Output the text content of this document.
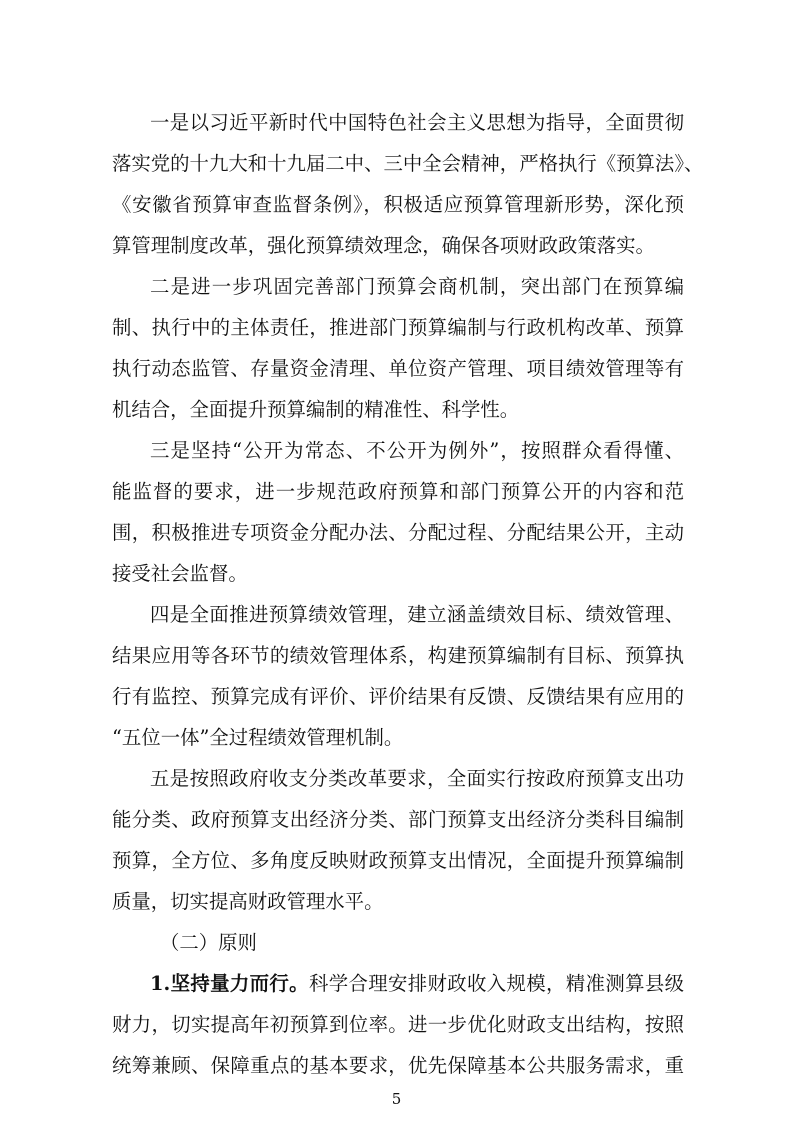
一是以习近平新时代中国特色社会主义思想为指导，全面贯彻
落实党的十九大和十九届二中、三中全会精神，严格执行《预算法》、
《安徽省预算审查监督条例》，积极适应预算管理新形势，深化预
算管理制度改革，强化预算绩效理念，确保各项财政政策落实。
二是进一步巩固完善部门预算会商机制，突出部门在预算编
制、执行中的主体责任，推进部门预算编制与行政机构改革、预算
执行动态监管、存量资金清理、单位资产管理、项目绩效管理等有
机结合，全面提升预算编制的精准性、科学性。
三是坚持“公开为常态、不公开为例外”，按照群众看得懂、
能监督的要求，进一步规范政府预算和部门预算公开的内容和范
围，积极推进专项资金分配办法、分配过程、分配结果公开，主动
接受社会监督。
四是全面推进预算绩效管理，建立涵盖绩效目标、绩效管理、
结果应用等各环节的绩效管理体系，构建预算编制有目标、预算执
行有监控、预算完成有评价、评价结果有反馈、反馈结果有应用的
“五位一体”全过程绩效管理机制。
五是按照政府收支分类改革要求，全面实行按政府预算支出功
能分类、政府预算支出经济分类、部门预算支出经济分类科目编制
预算，全方位、多角度反映财政预算支出情况，全面提升预算编制
质量，切实提高财政管理水平。
（二）原则
1.坚持量力而行。科学合理安排财政收入规模，精准测算县级
财力，切实提高年初预算到位率。进一步优化财政支出结构，按照
统筹兼顾、保障重点的基本要求，优先保障基本公共服务需求，重
5
